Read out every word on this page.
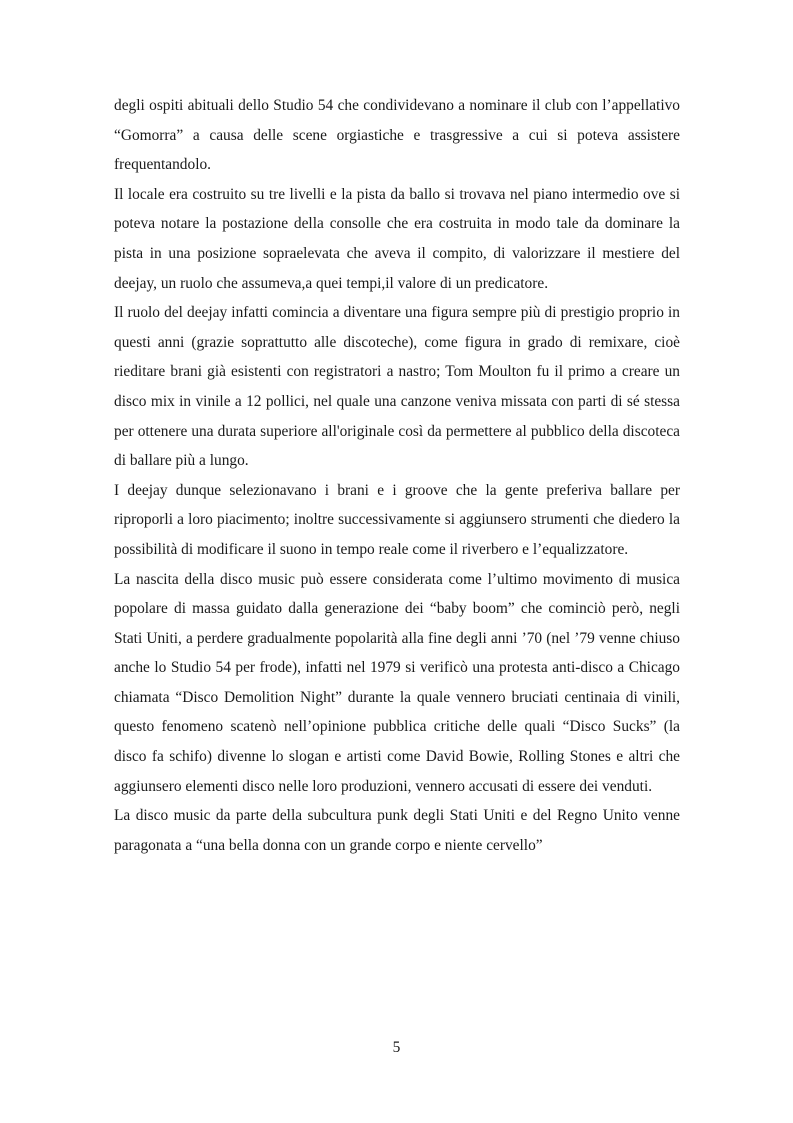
degli ospiti abituali dello Studio 54 che condividevano a nominare il club con l’appellativo “Gomorra” a causa delle scene orgiastiche e trasgressive a cui si poteva assistere frequentandolo.

Il locale era costruito su tre livelli e la pista da ballo si trovava nel piano intermedio ove si poteva notare la postazione della consolle che era costruita in modo tale da dominare la pista in una posizione sopraelevata che aveva il compito, di valorizzare il mestiere del deejay, un ruolo che assumeva,a quei tempi,il valore di un predicatore.

Il ruolo del deejay infatti comincia a diventare una figura sempre più di prestigio proprio in questi anni (grazie soprattutto alle discoteche), come figura in grado di remixare, cioè rieditare brani già esistenti con registratori a nastro; Tom Moulton fu il primo a creare un disco mix in vinile a 12 pollici, nel quale una canzone veniva missata con parti di sé stessa per ottenere una durata superiore all'originale così da permettere al pubblico della discoteca di ballare più a lungo.

I deejay dunque selezionavano i brani e i groove che la gente preferiva ballare per riproporli a loro piacimento; inoltre successivamente si aggiunsero strumenti che diedero la possibilità di modificare il suono in tempo reale come il riverbero e l’equalizzatore.

La nascita della disco music può essere considerata come l’ultimo movimento di musica popolare di massa guidato dalla generazione dei “baby boom” che cominciò però, negli Stati Uniti, a perdere gradualmente popolarità alla fine degli anni ’70 (nel ’79 venne chiuso anche lo Studio 54 per frode), infatti nel 1979 si verificò una protesta anti-disco a Chicago chiamata “Disco Demolition Night” durante la quale vennero bruciati centinaia di vinili, questo fenomeno scatenò nell’opinione pubblica critiche delle quali “Disco Sucks” (la disco fa schifo) divenne lo slogan e artisti come David Bowie, Rolling Stones e altri che aggiunsero elementi disco nelle loro produzioni, vennero accusati di essere dei venduti.

La disco music da parte della subcultura punk degli Stati Uniti e del Regno Unito venne paragonata a “una bella donna con un grande corpo e niente cervello”

5
